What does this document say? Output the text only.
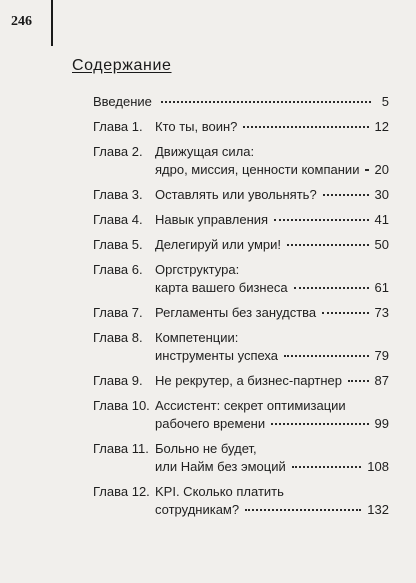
246
Содержание
Введение	5
Глава 1. Кто ты, воин?	12
Глава 2. Движущая сила:
ядро, миссия, ценности компании 20
Глава 3. Оставлять или увольнять?	30
Глава 4. Навык управления	41
Глава 5. Делегируй или умри!	50
Глава 6. Оргструктура:
карта вашего бизнеса	61
Глава 7. Регламенты без занудства	73
Глава 8. Компетенции:
инструменты успеха	79
Глава 9. Не рекрутер, а бизнес-партнер	87
Глава 10. Ассистент: секрет оптимизации
рабочего времени	99
Глава 11. Больно не будет,
или Найм без эмоций	108
Глава 12. KPI. Сколько платить
сотрудникам?	132
